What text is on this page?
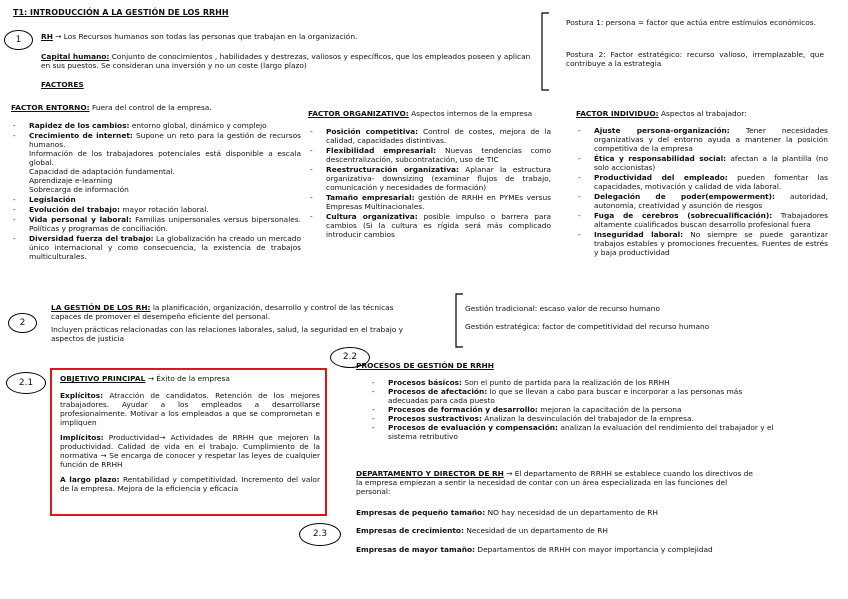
T1: INTRODUCCIÓN A LA GESTIÓN DE LOS RRHH
1
2
2.1
2.2
2.3
RH → Los Recursos humanos son todas las personas que trabajan en la organización.
Capital humano: Conjunto de conocimientos , habilidades y destrezas, valiosos y específicos, que los empleados poseen y aplican en sus puestos. Se consideran una inversión y no un coste (largo plazo)
FACTORES
Postura 1: persona = factor que actúa entre estímulos económicos.
Postura 2: Factor estratégico: recurso valioso, irremplazable, que contribuye a la estrategia
FACTOR ENTORNO: Fuera del control de la empresa.
- Rapidez de los cambios: entorno global, dinámico y complejo
- Crecimiento de internet: Supone un reto para la gestión de recursos humanos.
Información de los trabajadores potenciales está disponible a escala global.
Capacidad de adaptación fundamental.
Aprendizaje e-learning
Sobrecarga de información
- Legislación
- Evolución del trabajo: mayor rotación laboral.
- Vida personal y laboral: Familias unipersonales versus bipersonales. Políticas y programas de conciliación.
- Diversidad fuerza del trabajo: La globalización ha creado un mercado único internacional y como consecuencia, la existencia de trabajos multiculturales.
FACTOR ORGANIZATIVO: Aspectos internos de la empresa
- Posición competitiva: Control de costes, mejora de la calidad, capacidades distintivas.
- Flexibilidad empresarial: Nuevas tendencias como descentralización, subcontratación, uso de TIC
- Reestructuración organizativa: Aplanar la estructura organizativa- downsizing (examinar flujos de trabajo, comunicación y necesidades de formación)
- Tamaño empresarial: gestión de RRHH en PYMEs versus Empresas Multinacionales.
- Cultura organizativa: posible impulso o barrera para cambios (Si la cultura es rígida será más complicado introducir cambios
FACTOR INDIVIDUO: Aspectos al trabajador:
- Ajuste persona-organización: Tener necesidades organizativas y del entorno ayuda a mantener la posición competitiva de la empresa
- Ética y responsabilidad social: afectan a la plantilla (no solo accionistas)
- Productividad del empleado: pueden fomentar las capacidades, motivación y calidad de vida laboral.
- Delegación de poder(empowerment): autoridad, autonomía, creatividad y asunción de riesgos
- Fuga de cerebros (sobrecualificación): Trabajadores altamente cualificados buscan desarrollo profesional fuera
- Inseguridad laboral: No siempre se puede garantizar trabajos estables y promociones frecuentes. Fuentes de estrés y baja productividad
LA GESTIÓN DE LOS RH: la planificación, organización, desarrollo y control de las técnicas capaces de promover el desempeño eficiente del personal.
Incluyen prácticas relacionadas con las relaciones laborales, salud, la seguridad en el trabajo y aspectos de justicia
Gestión tradicional: escaso valor de recurso humano
Gestión estratégica: factor de competitividad del recurso humano
OBJETIVO PRINCIPAL → Éxito de la empresa
Explícitos: Atracción de candidatos. Retención de los mejores trabajadores. Ayudar a los empleados a desarrollarse profesionalmente. Motivar a los empleados a que se comprometan e impliquen
Implícitos: Productividad→ Actividades de RRHH que mejoren la productividad. Calidad de vida en el trabajo. Cumplimiento de la normativa → Se encarga de conocer y respetar las leyes de cualquier función de RRHH
A largo plazo: Rentabilidad y competitividad. Incremento del valor de la empresa. Mejora de la eficiencia y eficacia
PROCESOS DE GESTIÓN DE RRHH
- Procesos básicos: Son el punto de partida para la realización de los RRHH
- Procesos de afectación: lo que se llevan a cabo para buscar e incorporar a las personas más adecuadas para cada puesto
- Procesos de formación y desarrollo: mejoran la capacitación de la persona
- Procesos sustractivos: Analizan la desvinculación del trabajador de la empresa.
- Procesos de evaluación y compensación: analizan la evaluación del rendimiento del trabajador y el sistema retributivo
DEPARTAMENTO Y DIRECTOR DE RH → El departamento de RRHH se establece cuando los directivos de la empresa empiezan a sentir la necesidad de contar con un área especializada en las funciones del personal:
Empresas de pequeño tamaño: NO hay necesidad de un departamento de RH
Empresas de crecimiento: Necesidad de un departamento de RH
Empresas de mayor tamaño: Departamentos de RRHH con mayor importancia y complejidad
